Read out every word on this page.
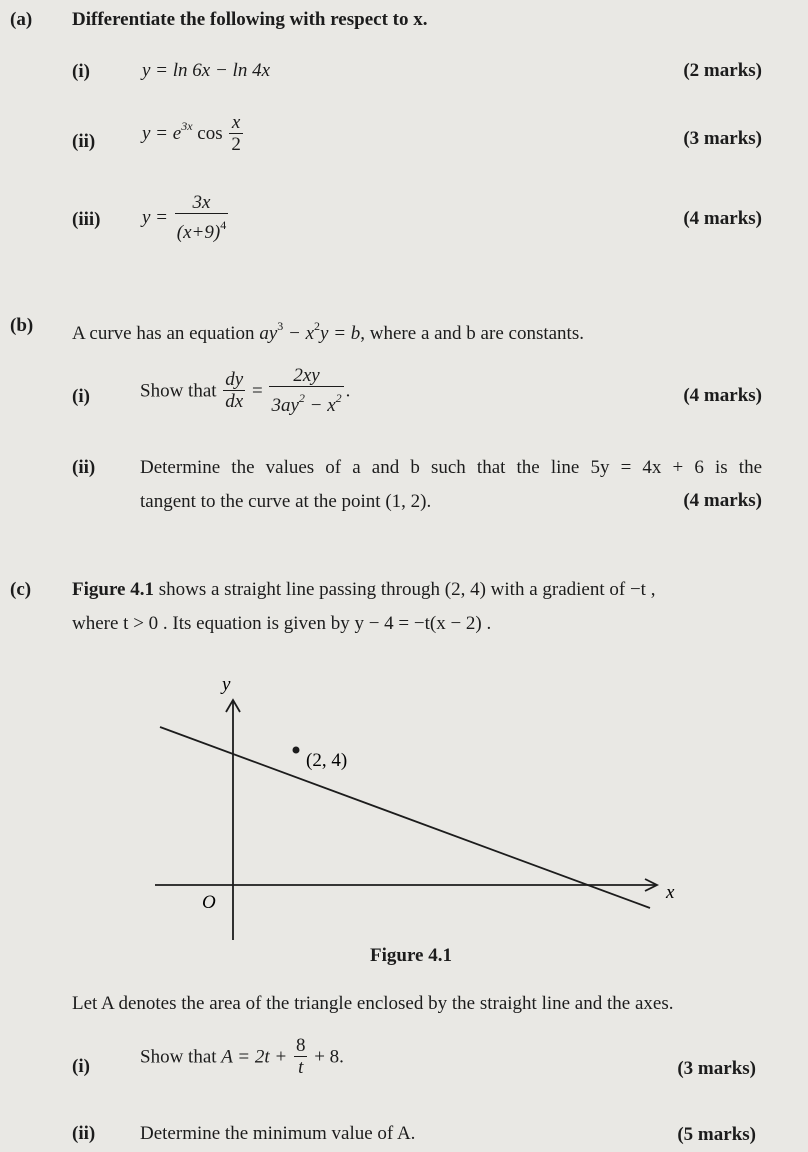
(a) Differentiate the following with respect to x.
(i)	y = ln 6x − ln 4x	(2 marks)
(ii) $y = e^{3x}$ $\cos \frac{x}{2}$	(3 marks)
(iii) $y = \frac{3x}{(x+9)^4}$	(4 marks)
(b) A curve has an equation $ay^3 - x^2y = b$, where a and b are constants.
(i)	Show that $\frac{dy}{dx} = \frac{2xy}{3ay^2 - x^2}$ .	(4 marks)
(ii) Determine the values of a and b such that the line 5y = 4x + 6 is the
tangent to the curve at the point (1, 2).	(4 marks)
(c) Figure 4.1 shows a straight line passing through (2, 4) with a gradient of −t ,
where t > 0 . Its equation is given by y − 4 = −t(x − 2) .
y
x
O
(2, 4)
Figure 4.1
Let A denotes the area of the triangle enclosed by the straight line and the axes.
(i)	Show that $A = 2t + \frac{8}{t} + 8$.
(3 marks)
(ii) Determine the minimum value of A.	(5 marks)
